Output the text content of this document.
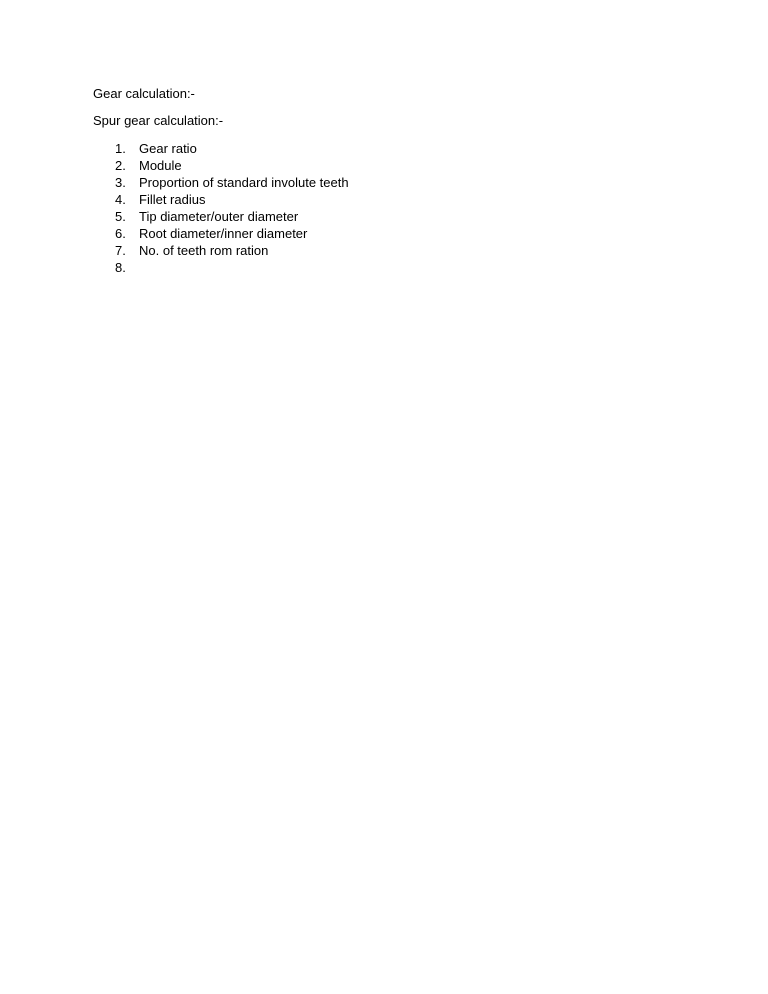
Gear calculation:-

Spur gear calculation:-

1.	Gear ratio
2.	Module
3.	Proportion of standard involute teeth
4.	Fillet radius
5.	Tip diameter/outer diameter
6.	Root diameter/inner diameter
7.	No. of teeth rom ration
8.
